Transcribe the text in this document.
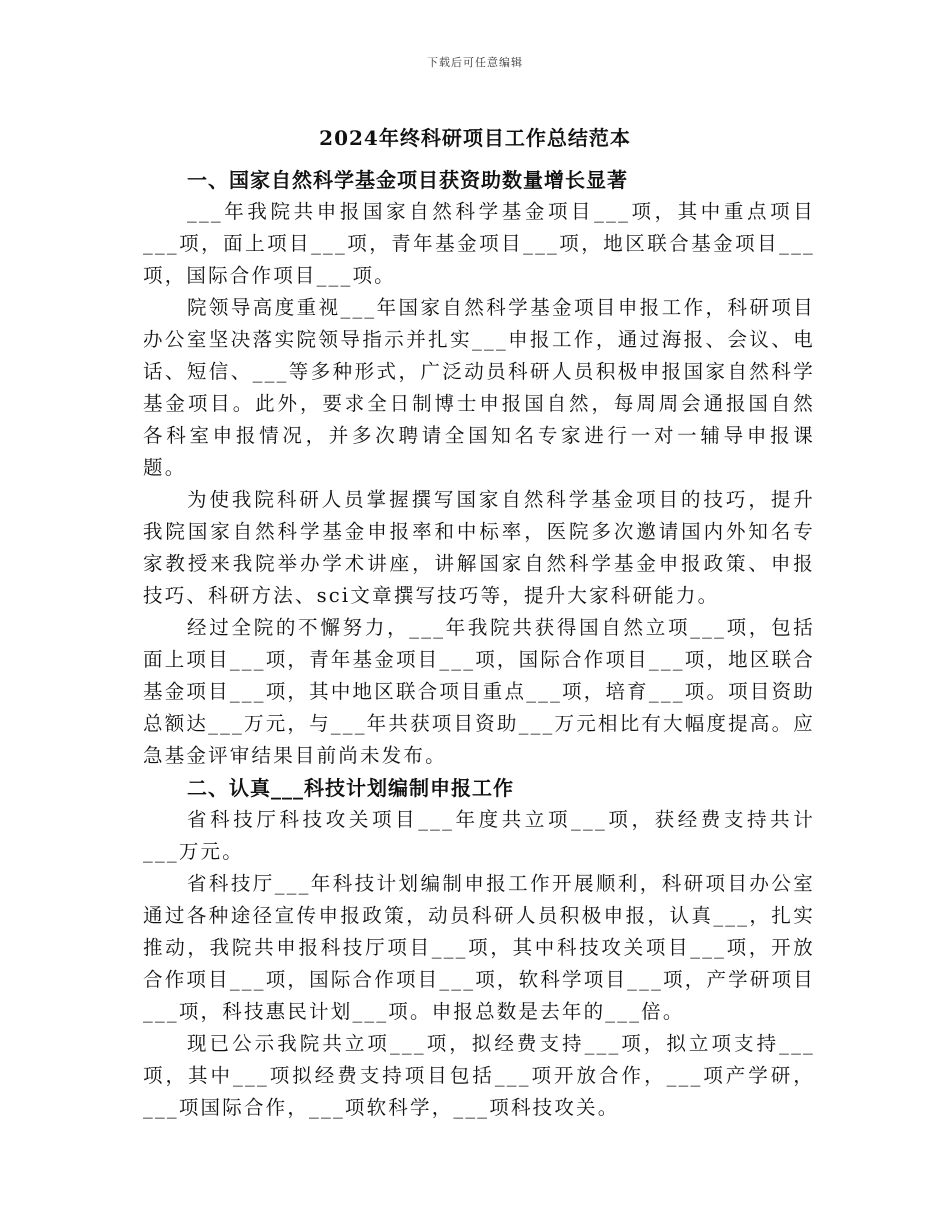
下载后可任意编辑
2024年终科研项目工作总结范本
一、国家自然科学基金项目获资助数量增长显著

___年我院共申报国家自然科学基金项目___项，其中重点项目___项，面上项目___项，青年基金项目___项，地区联合基金项目___项，国际合作项目___项。

院领导高度重视___年国家自然科学基金项目申报工作，科研项目办公室坚决落实院领导指示并扎实___申报工作，通过海报、会议、电话、短信、___等多种形式，广泛动员科研人员积极申报国家自然科学基金项目。此外，要求全日制博士申报国自然，每周周会通报国自然各科室申报情况，并多次聘请全国知名专家进行一对一辅导申报课题。

为使我院科研人员掌握撰写国家自然科学基金项目的技巧，提升我院国家自然科学基金申报率和中标率，医院多次邀请国内外知名专家教授来我院举办学术讲座，讲解国家自然科学基金申报政策、申报技巧、科研方法、sci文章撰写技巧等，提升大家科研能力。

经过全院的不懈努力，___年我院共获得国自然立项___项，包括面上项目___项，青年基金项目___项，国际合作项目___项，地区联合基金项目___项，其中地区联合项目重点___项，培育___项。项目资助总额达___万元，与___年共获项目资助___万元相比有大幅度提高。应急基金评审结果目前尚未发布。

二、认真___科技计划编制申报工作

省科技厅科技攻关项目___年度共立项___项，获经费支持共计___万元。

省科技厅___年科技计划编制申报工作开展顺利，科研项目办公室通过各种途径宣传申报政策，动员科研人员积极申报，认真___，扎实推动，我院共申报科技厅项目___项，其中科技攻关项目___项，开放合作项目___项，国际合作项目___项，软科学项目___项，产学研项目___项，科技惠民计划___项。申报总数是去年的___倍。

现已公示我院共立项___项，拟经费支持___项，拟立项支持___项，其中___项拟经费支持项目包括___项开放合作，___项产学研，___项国际合作，___项软科学，___项科技攻关。
